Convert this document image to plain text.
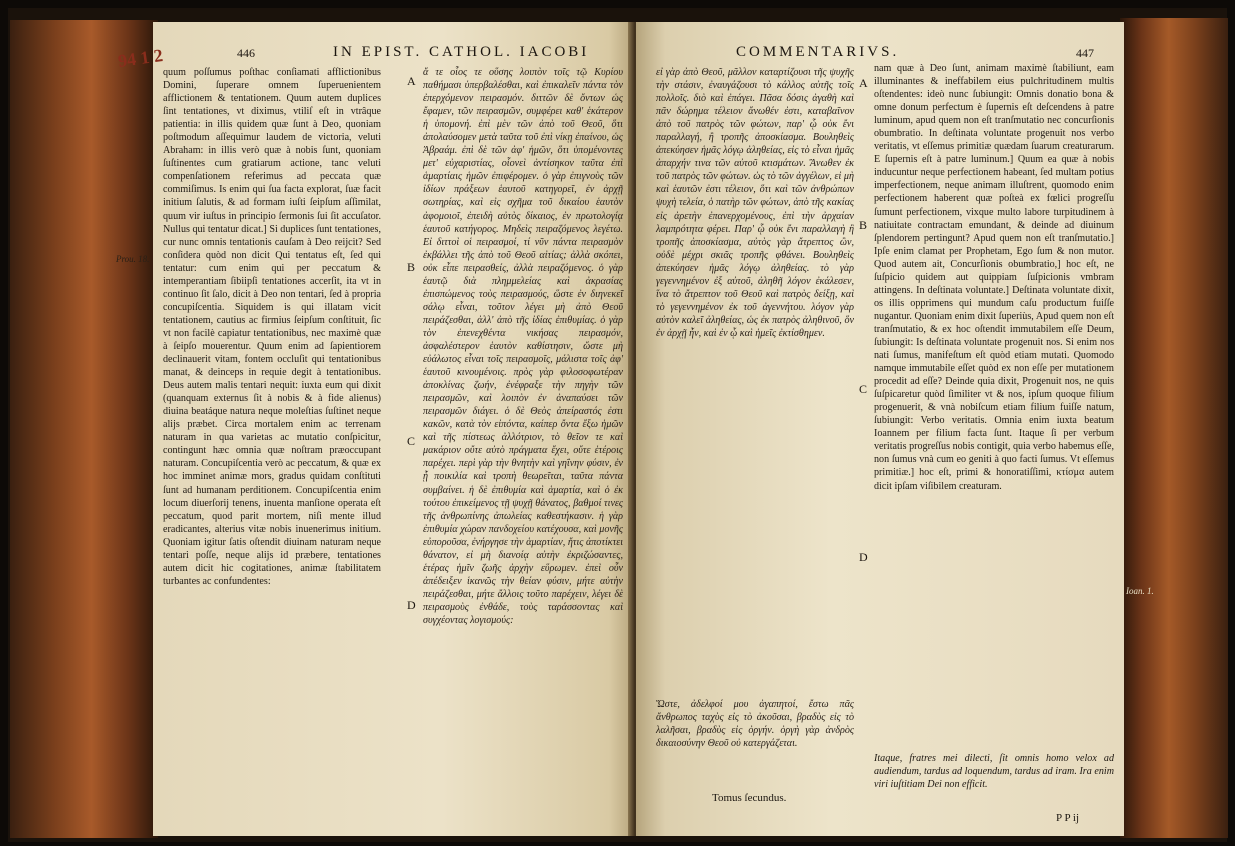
446	IN EPIST. CATHOL. IACOBI

quum poſſumus poſthac conſiamati afflictionibus Domini, ſuperare omnem ſuperuenientem afflictionem & tentationem. Quum autem duplices ſint tentationes, vt diximus, vtiliſ eſt in vtrâque patientia: in illis quidem quæ ſunt à Deo, quoniam poſtmodum aſſequimur laudem de victoria, veluti Abraham: in illis verò quæ à nobis ſunt, quoniam ſuſtinentes cum gratiarum actione, tanc veluti compenſationem referimus ad peccata quæ commiſimus. Is enim qui ſua facta explorat, ſuæ facit initium ſalutis, & ad formam iuſti ſeipſum aſſimilat, quum vir iuſtus in principio ſermonis ſui ſit accuſator. Nullus qui tentatur dicat.] Si duplices ſunt tentationes, cur nunc omnis tentationis cauſam à Deo reijcit? Sed conſidera quòd non dicit Qui tentatus eſt, ſed qui tentatur: cum enim qui per peccatum & intemperantiam ſibiipſi tentationes accerſit, ita vt in continuo ſit ſalo, dicit à Deo non tentari, ſed à propria concupiſcentia. Siquidem is qui illatam vicit tentationem, cautius ac firmius ſeipſum conſtituit, ſic vt non facilè capiatur tentationibus, nec maximè quæ à ſeipſo mouerentur. Quum enim ad ſapientiorem declinauerit vitam, fontem occluſit qui tentationibus manat, & deinceps in requie degit à tentationibus. Deus autem malis tentari nequit: iuxta eum qui dixit (quanquam externus ſit à nobis & à fide alienus) diuina beatáque natura neque moleſtias ſuſtinet neque alijs præbet. Circa mortalem enim ac terrenam naturam in qua varietas ac mutatio conſpicitur, contingunt hæc omnia quæ noſtram præoccupant naturam. Concupiſcentia verò ac peccatum, & quæ ex hoc imminet animæ mors, gradus quidam conſtituti ſunt ad humanam perditionem. Concupiſcentia enim locum diuerſorij tenens, inuenta manſione operata eſt peccatum, quod parit mortem, niſi mente illud eradicantes, alterius vitæ nobis inuenerimus initium. Quoniam igitur ſatis oſtendit diuinam naturam neque tentari poſſe, neque alijs id præbere, tentationes autem dicit hic cogitationes, animæ ſtabilitatem turbantes ac confundentes:

A
B
C
D

ἅ τε οἷος τε οὕσης λοιπὸν τοῖς τῷ Κυρίου παθήμασι ὑπερβαλέσθαι, καὶ ἐπικαλεῖν πάντα τὸν ἐπερχόμενον πειρασμόν. διττῶν δὲ ὄντων ὡς ἔφαμεν, τῶν πειρασμῶν, συμφέρει καθ' ἑκάτερον ἡ ὑπομονή. ἐπὶ μὲν τῶν ἀπὸ τοῦ Θεοῦ, ὅτι ἀπολαύσομεν μετὰ ταῦτα τοῦ ἐπὶ νίκῃ ἐπαίνου, ὡς Ἀβραάμ. ἐπὶ δὲ τῶν ἀφ' ἡμῶν, ὅτι ὑπομένοντες μετ' εὐχαριστίας, οἷονεὶ ἀντίσηκον ταῦτα ἐπὶ ἁμαρτίαις ἡμῶν ἐπιφέρομεν. ὁ γὰρ ἐπιγνοὺς τῶν ἰδίων πράξεων ἑαυτοῦ κατηγορεῖ, ἐν ἀρχῇ σωτηρίας, καὶ εἰς σχῆμα τοῦ δικαίου ἑαυτὸν ἀφομοιοῖ, ἐπειδὴ αὐτὸς δίκαιος, ἐν πρωτολογίᾳ ἑαυτοῦ κατήγορος. Μηδεὶς πειραζόμενος λεγέτω. Εἰ διττοὶ οἱ πειρασμοί, τί νῦν πάντα πειρασμὸν ἐκβάλλει τῆς ἀπὸ τοῦ Θεοῦ αἰτίας; ἀλλὰ σκόπει, οὐκ εἶπε πειρασθείς, ἀλλὰ πειραζόμενος. ὁ γὰρ ἑαυτῷ διὰ πλημμελείας καὶ ἀκρασίας ἐπισπώμενος τοὺς πειρασμούς, ὥστε ἐν διηνεκεῖ σάλῳ εἶναι, τοῦτον λέγει μὴ ἀπὸ Θεοῦ πειράζεσθαι, ἀλλ' ἀπὸ τῆς ἰδίας ἐπιθυμίας. ὁ γὰρ τὸν ἐπενεχθέντα νικήσας πειρασμόν, ἀσφαλέστερον ἑαυτὸν καθίστησιν, ὥστε μὴ εὐάλωτος εἶναι τοῖς πειρασμοῖς, μάλιστα τοῖς ἀφ' ἑαυτοῦ κινουμένοις. πρὸς γὰρ φιλοσοφωτέραν ἀποκλίνας ζωήν, ἐνέφραξε τὴν πηγὴν τῶν πειρασμῶν, καὶ λοιπὸν ἐν ἀναπαύσει τῶν πειρασμῶν διάγει. ὁ δὲ Θεὸς ἀπείραστός ἐστι κακῶν, κατὰ τὸν εἰπόντα, καίπερ ὄντα ἔξω ἡμῶν καὶ τῆς πίστεως ἀλλότριον, τὸ θεῖον τε καὶ μακάριον οὔτε αὐτὸ πράγματα ἔχει, οὔτε ἑτέροις παρέχει. περὶ γὰρ τὴν θνητὴν καὶ γηΐνην φύσιν, ἐν ᾗ ποικιλία καὶ τροπὴ θεωρεῖται, ταῦτα πάντα συμβαίνει. ἡ δὲ ἐπιθυμία καὶ ἁμαρτία, καὶ ὁ ἐκ τούτου ἐπικείμενος τῇ ψυχῇ θάνατος, βαθμοί τινες τῆς ἀνθρωπίνης ἀπωλείας καθεστήκασιν. ἡ γὰρ ἐπιθυμία χώραν πανδοχείου κατέχουσα, καὶ μονῆς εὐποροῦσα, ἐνήργησε τὴν ἁμαρτίαν, ἥτις ἀποτίκτει θάνατον, εἰ μὴ διανοίᾳ αὐτὴν ἐκριζώσαντες, ἑτέρας ἡμῖν ζωῆς ἀρχὴν εὕρωμεν. ἐπεὶ οὖν ἀπέδειξεν ἱκανῶς τὴν θείαν φύσιν, μήτε αὐτὴν πειράζεσθαι, μήτε ἄλλοις τοῦτο παρέχειν, λέγει δὲ πειρασμοὺς ἐνθάδε, τοὺς ταράσσοντας καὶ συγχέοντας λογισμούς:

Prou. 18.
94 1 2	COMMENTARIVS.	447

εἰ γὰρ ἀπὸ Θεοῦ, μᾶλλον καταρτίζουσι τῆς ψυχῆς τὴν στάσιν, ἐναυγάζουσι τὸ κάλλος αὐτῆς τοῖς πολλοῖς. διὸ καὶ ἐπάγει. Πᾶσα δόσις ἀγαθὴ καὶ πᾶν δώρημα τέλειον ἄνωθέν ἐστι, καταβαῖνον ἀπὸ τοῦ πατρὸς τῶν φώτων, παρ' ᾧ οὐκ ἔνι παραλλαγή, ἢ τροπῆς ἀποσκίασμα. Βουληθεὶς ἀπεκύησεν ἡμᾶς λόγῳ ἀληθείας, εἰς τὸ εἶναι ἡμᾶς ἀπαρχήν τινα τῶν αὐτοῦ κτισμάτων. Ἄνωθεν ἐκ τοῦ πατρὸς τῶν φώτων. ὡς τὸ τῶν ἀγγέλων, εἰ μὴ καὶ ἑαυτῶν ἐστι τέλειον, ὅτι καὶ τῶν ἀνθρώπων ψυχὴ τελεία, ὁ πατὴρ τῶν φώτων, ἀπὸ τῆς κακίας εἰς ἀρετὴν ἐπανερχομένους, ἐπὶ τὴν ἀρχαίαν λαμπρότητα φέρει. Παρ' ᾧ οὐκ ἔνι παραλλαγὴ ἢ τροπῆς ἀποσκίασμα, αὐτὸς γὰρ ἄτρεπτος ὢν, οὐδὲ μέχρι σκιᾶς τροπῆς φθάνει. Βουληθεὶς ἀπεκύησεν ἡμᾶς λόγῳ ἀληθείας. τὸ γὰρ γεγεννημένον ἐξ αὐτοῦ, ἀληθῆ λόγον ἐκάλεσεν, ἵνα τὸ ἄτρεπτον τοῦ Θεοῦ καὶ πατρὸς δείξῃ, καὶ τὸ γεγεννημένον ἐκ τοῦ ἀγεννήτου. λόγον γὰρ αὐτὸν καλεῖ ἀληθείας, ὡς ἐκ πατρὸς ἀληθινοῦ, ὅν ἐν ἀρχῇ ἦν, καὶ ἐν ᾧ καὶ ἡμεῖς ἐκτίσθημεν.

A
B
C
D

nam quæ à Deo ſunt, animam maximè ſtabiliunt, eam illuminantes & ineffabilem eius pulchritudinem multis oſtendentes: ideò nunc ſubiungit: Omnis donatio bona & omne donum perfectum è ſupernis eſt deſcendens à patre luminum, apud quem non eſt tranſmutatio nec concurſionis obumbratio. In deſtinata voluntate progenuit nos verbo veritatis, vt eſſemus primitiæ quædam ſuarum creaturarum. E ſupernis eſt à patre luminum.] Quum ea quæ à nobis inducuntur neque perfectionem habeant, ſed multam potius imperfectionem, neque animam illuſtrent, quomodo enim perfectionem haberent quæ poſteà ex fœlici progreſſu ſumunt perfectionem, vixque multo labore turpitudinem à natiuitate contractam emundant, & deinde ad diuinum ſplendorem pertingunt? Apud quem non eſt tranſmutatio.] Ipſe enim clamat per Prophetam, Ego ſum & non mutor. Quod autem ait, Concurſionis obumbratio,] hoc eſt, ne ſuſpicio quidem aut quippiam ſuſpicionis vmbram attingens. In deſtinata voluntate.] Deſtinata voluntate dixit, os illis opprimens qui mundum caſu productum fuiſſe nugantur. Quoniam enim dixit ſuperiùs, Apud quem non eſt tranſmutatio, & ex hoc oſtendit immutabilem eſſe Deum, ſubiungit: Is deſtinata voluntate progenuit nos. Si enim nos nati ſumus, manifeſtum eſt quòd etiam mutati. Quomodo namque immutabile eſſet quòd ex non eſſe per mutationem procedit ad eſſe? Deinde quia dixit, Progenuit nos, ne quis ſuſpicaretur quòd ſimiliter vt & nos, ipſum quoque filium progenuerit, & vnà nobiſcum etiam filium fuiſſe natum, ſubiungit: Verbo veritatis. Omnia enim iuxta beatum Ioannem per filium facta ſunt. Itaque ſi per verbum veritatis progreſſus nobis contigit, quia verbo habemus eſſe, non ſumus vnà cum eo geniti à quo facti ſumus. Vt eſſemus primitiæ.] hoc eſt, primi & honoratiſſimi, κτίσμα autem dicit ipſam viſibilem creaturam.

Ὥστε, ἀδελφοί μου ἀγαπητοί, ἔστω πᾶς ἄνθρωπος ταχὺς εἰς τὸ ἀκοῦσαι, βραδὺς εἰς τὸ λαλῆσαι, βραδὺς εἰς ὀργήν. ὀργὴ γὰρ ἀνδρὸς δικαιοσύνην Θεοῦ οὐ κατεργάζεται.

Itaque, fratres mei dilecti, ſit omnis homo velox ad audiendum, tardus ad loquendum, tardus ad iram. Ira enim viri iuſtitiam Dei non efficit.

Tomus ſecundus.
P P ij
Ioan. 1.
